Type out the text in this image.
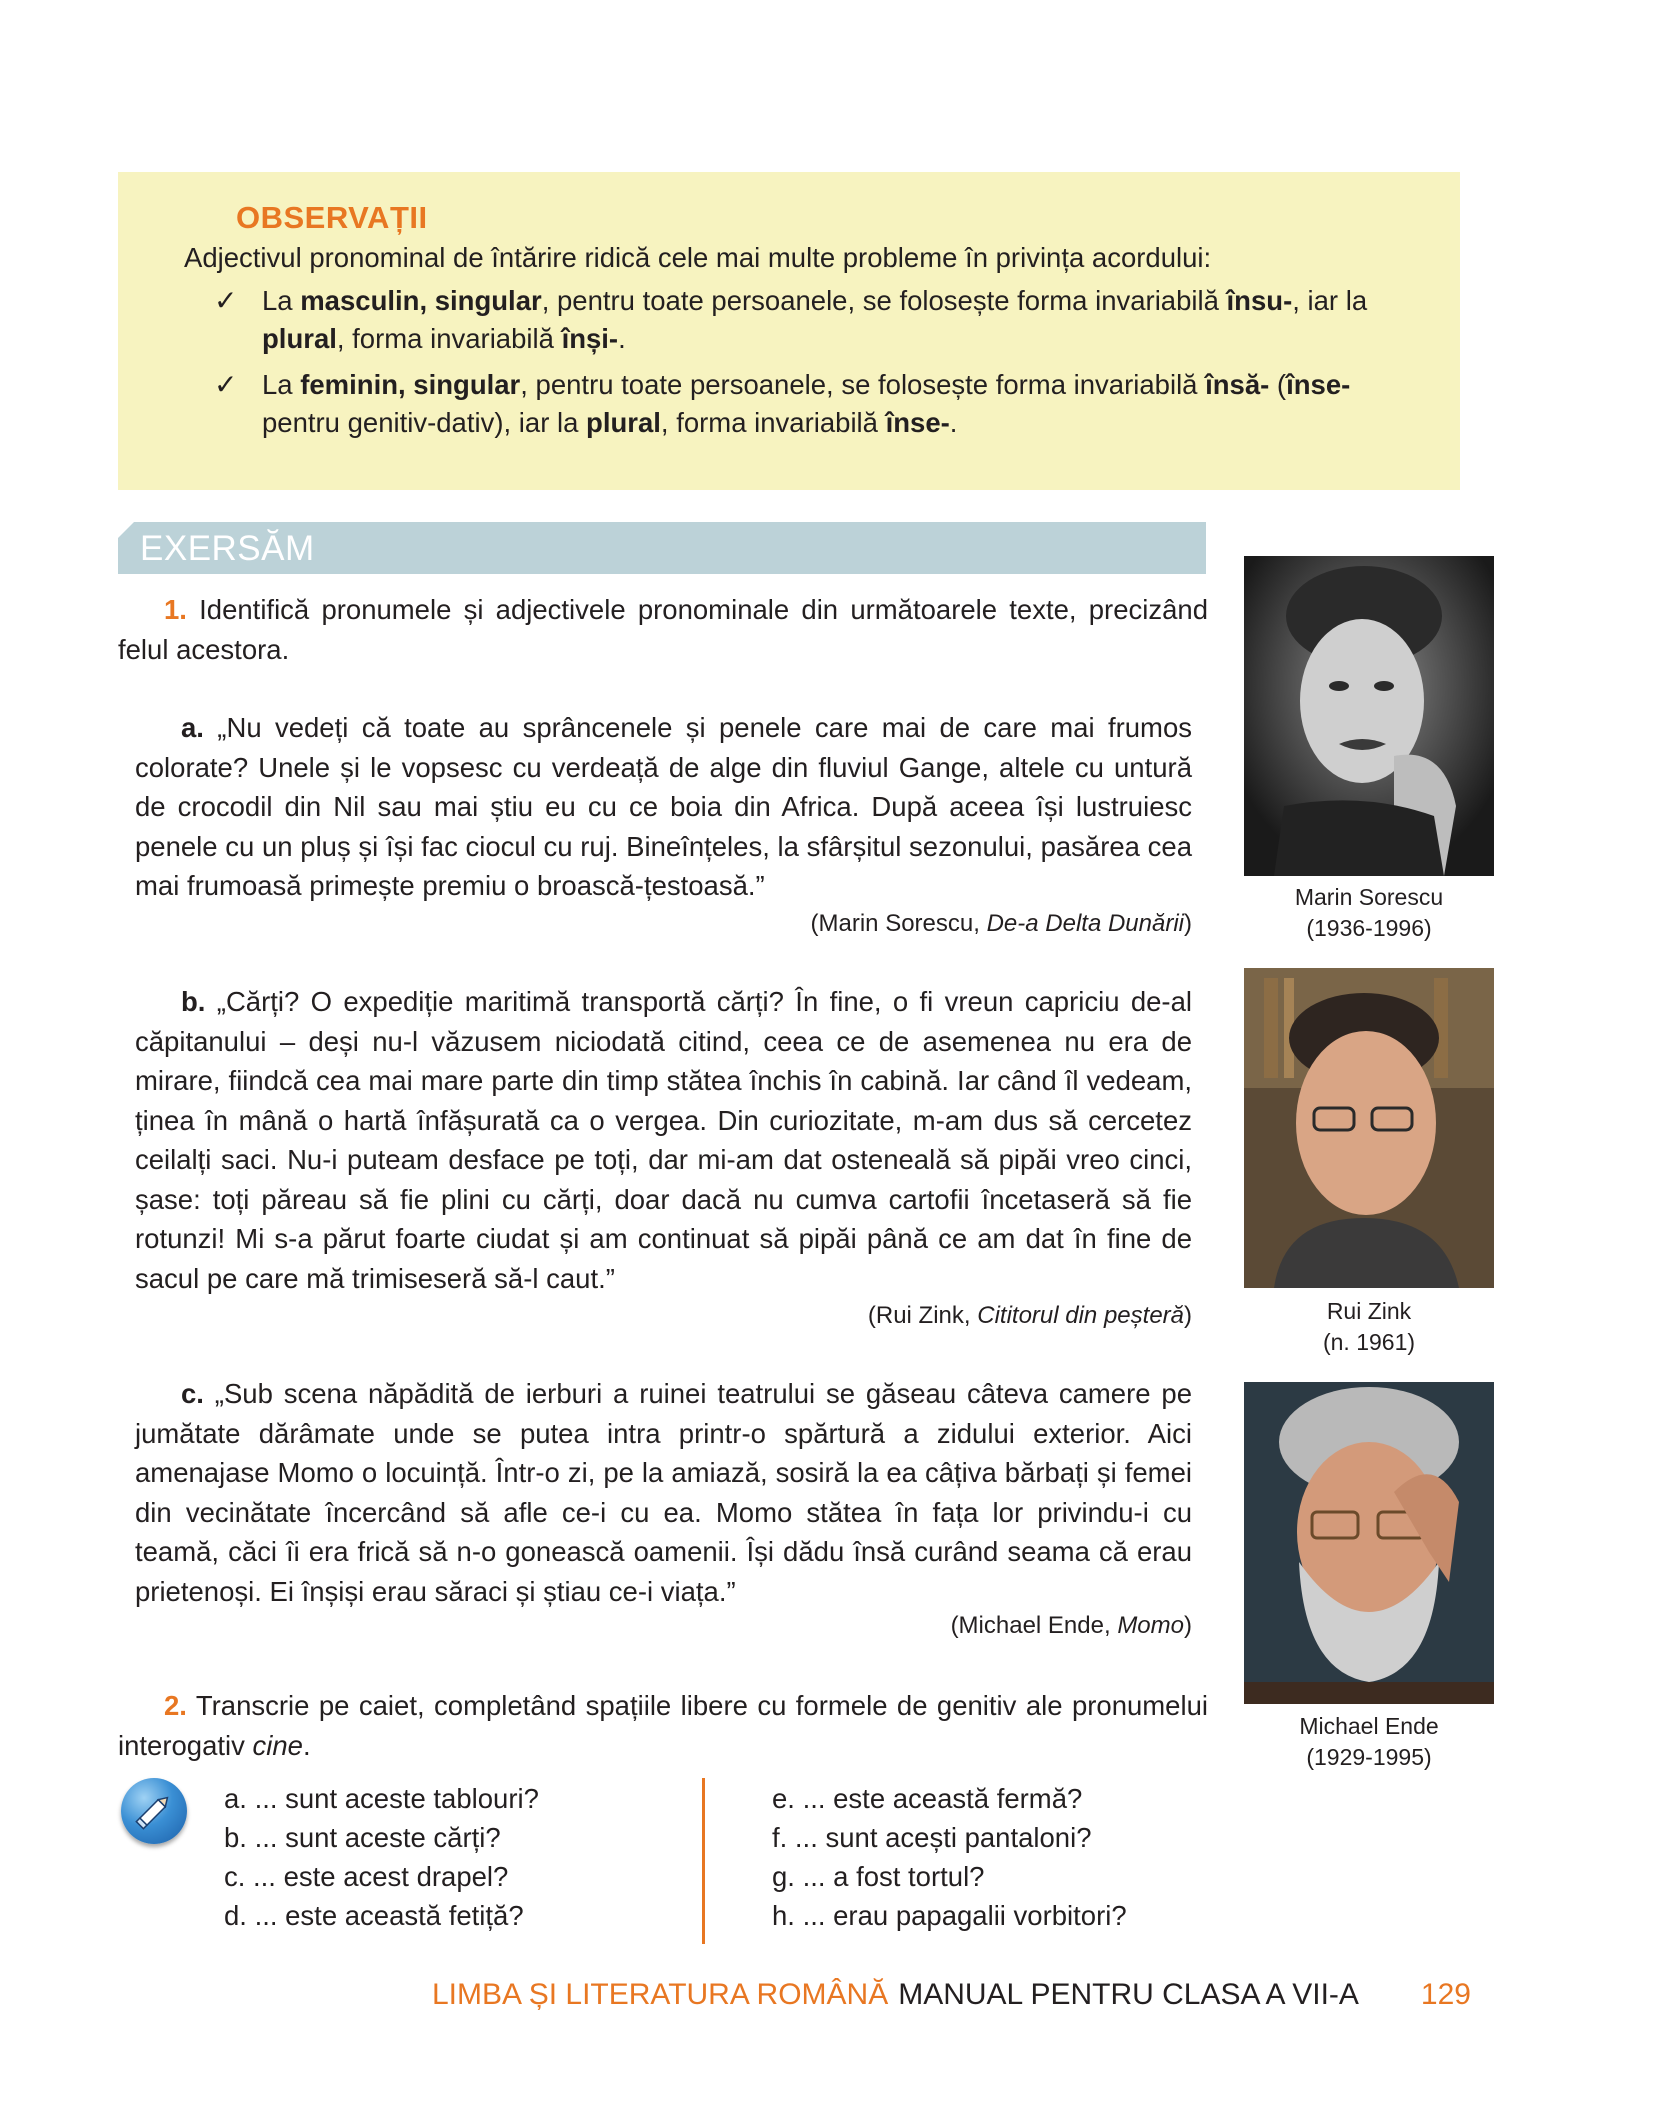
OBSERVAȚII
Adjectivul pronominal de întărire ridică cele mai multe probleme în privința acordului:
✓ La masculin, singular, pentru toate persoanele, se folosește forma invariabilă însu-, iar la plural, forma invariabilă înși-.
✓ La feminin, singular, pentru toate persoanele, se folosește forma invariabilă însă- (înse- pentru genitiv-dativ), iar la plural, forma invariabilă înse-.
EXERSĂM
1. Identifică pronumele și adjectivele pronominale din următoarele texte, precizând felul acestora.
a. „Nu vedeți că toate au sprâncenele și penele care mai de care mai frumos colorate? Unele și le vopsesc cu verdeață de alge din fluviul Gange, altele cu untură de crocodil din Nil sau mai știu eu cu ce boia din Africa. După aceea își lustruiesc penele cu un pluș și își fac ciocul cu ruj. Bineînțeles, la sfârșitul sezonului, pasărea cea mai frumoasă primește premiu o broască-țestoasă.”
(Marin Sorescu, De-a Delta Dunării)
b. „Cărți? O expediție maritimă transportă cărți? În fine, o fi vreun capriciu de-al căpitanului – deși nu-l văzusem niciodată citind, ceea ce de asemenea nu era de mirare, fiindcă cea mai mare parte din timp stătea închis în cabină. Iar când îl vedeam, ținea în mână o hartă înfășurată ca o vergea. Din curiozitate, m-am dus să cercetez ceilalți saci. Nu-i puteam desface pe toți, dar mi-am dat osteneală să pipăi vreo cinci, șase: toți păreau să fie plini cu cărți, doar dacă nu cumva cartofii încetaseră să fie rotunzi! Mi s-a părut foarte ciudat și am continuat să pipăi până ce am dat în fine de sacul pe care mă trimiseseră să-l caut.”
(Rui Zink, Cititorul din peșteră)
c. „Sub scena năpădită de ierburi a ruinei teatrului se găseau câteva camere pe jumătate dărâmate unde se putea intra printr-o spărtură a zidului exterior. Aici amenajase Momo o locuință. Într-o zi, pe la amiază, sosiră la ea câțiva bărbați și femei din vecinătate încercând să afle ce-i cu ea. Momo stătea în fața lor privindu-i cu teamă, căci îi era frică să n-o gonească oamenii. Își dădu însă curând seama că erau prietenoși. Ei înșiși erau săraci și știau ce-i viața.”
(Michael Ende, Momo)
2. Transcrie pe caiet, completând spațiile libere cu formele de genitiv ale pronumelui interogativ cine.
a. ... sunt aceste tablouri?
b. ... sunt aceste cărți?
c. ... este acest drapel?
d. ... este această fetiță?
e. ... este această fermă?
f. ... sunt acești pantaloni?
g. ... a fost tortul?
h. ... erau papagalii vorbitori?
Marin Sorescu
(1936-1996)
Rui Zink
(n. 1961)
Michael Ende
(1929-1995)
LIMBA ȘI LITERATURA ROMÂNĂ MANUAL PENTRU CLASA A VII-A 129
